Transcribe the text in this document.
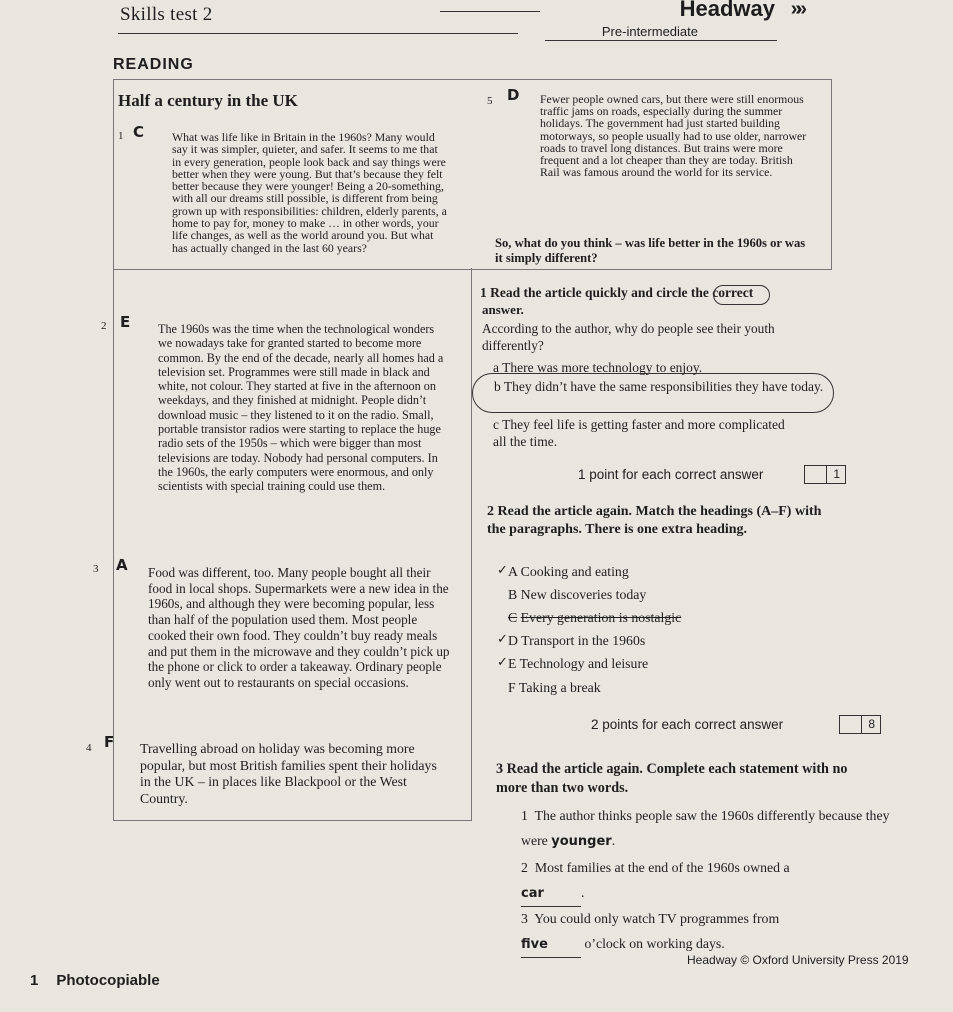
Skills test 2	Headway »»
Pre-intermediate
READING
Half a century in the UK
1 C What was life like in Britain in the 1960s? Many would say it was simpler, quieter, and safer. It seems to me that in every generation, people look back and say things were better when they were young. But that’s because they felt better because they were younger! Being a 20-something, with all our dreams still possible, is different from being grown up with responsibilities: children, elderly parents, a home to pay for, money to make … in other words, your life changes, as well as the world around you. But what has actually changed in the last 60 years?
2 E The 1960s was the time when the technological wonders we nowadays take for granted started to become more common. By the end of the decade, nearly all homes had a television set. Programmes were still made in black and white, not colour. They started at five in the afternoon on weekdays, and they finished at midnight. People didn’t download music – they listened to it on the radio. Small, portable transistor radios were starting to replace the huge radio sets of the 1950s – which were bigger than most televisions are today. Nobody had personal computers. In the 1960s, the early computers were enormous, and only scientists with special training could use them.
3 A Food was different, too. Many people bought all their food in local shops. Supermarkets were a new idea in the 1960s, and although they were becoming popular, less than half of the population used them. Most people cooked their own food. They couldn’t buy ready meals and put them in the microwave and they couldn’t pick up the phone or click to order a takeaway. Ordinary people only went out to restaurants on special occasions.
4 F Travelling abroad on holiday was becoming more popular, but most British families spent their holidays in the UK – in places like Blackpool or the West Country.
5 D Fewer people owned cars, but there were still enormous traffic jams on roads, especially during the summer holidays. The government had just started building motorways, so people usually had to use older, narrower roads to travel long distances. But trains were more frequent and a lot cheaper than they are today. British Rail was famous around the world for its service.
So, what do you think – was life better in the 1960s or was it simply different?
1 Read the article quickly and circle the correct
answer.
According to the author, why do people see their youth differently?
a There was more technology to enjoy.
b They didn’t have the same responsibilities they have today.
c They feel life is getting faster and more complicated all the time.
1 point for each correct answer	1
2 Read the article again. Match the headings (A–F) with the paragraphs. There is one extra heading.
✓ A Cooking and eating
B New discoveries today
C Every generation is nostalgic
✓ D Transport in the 1960s
✓ E Technology and leisure
F Taking a break
2 points for each correct answer	8
3 Read the article again. Complete each statement with no more than two words.
1 The author thinks people saw the 1960s differently because they were younger.
2 Most families at the end of the 1960s owned a
car	.
3 You could only watch TV programmes from
five	o’clock on working days.
1 Photocopiable
Headway © Oxford University Press 2019
